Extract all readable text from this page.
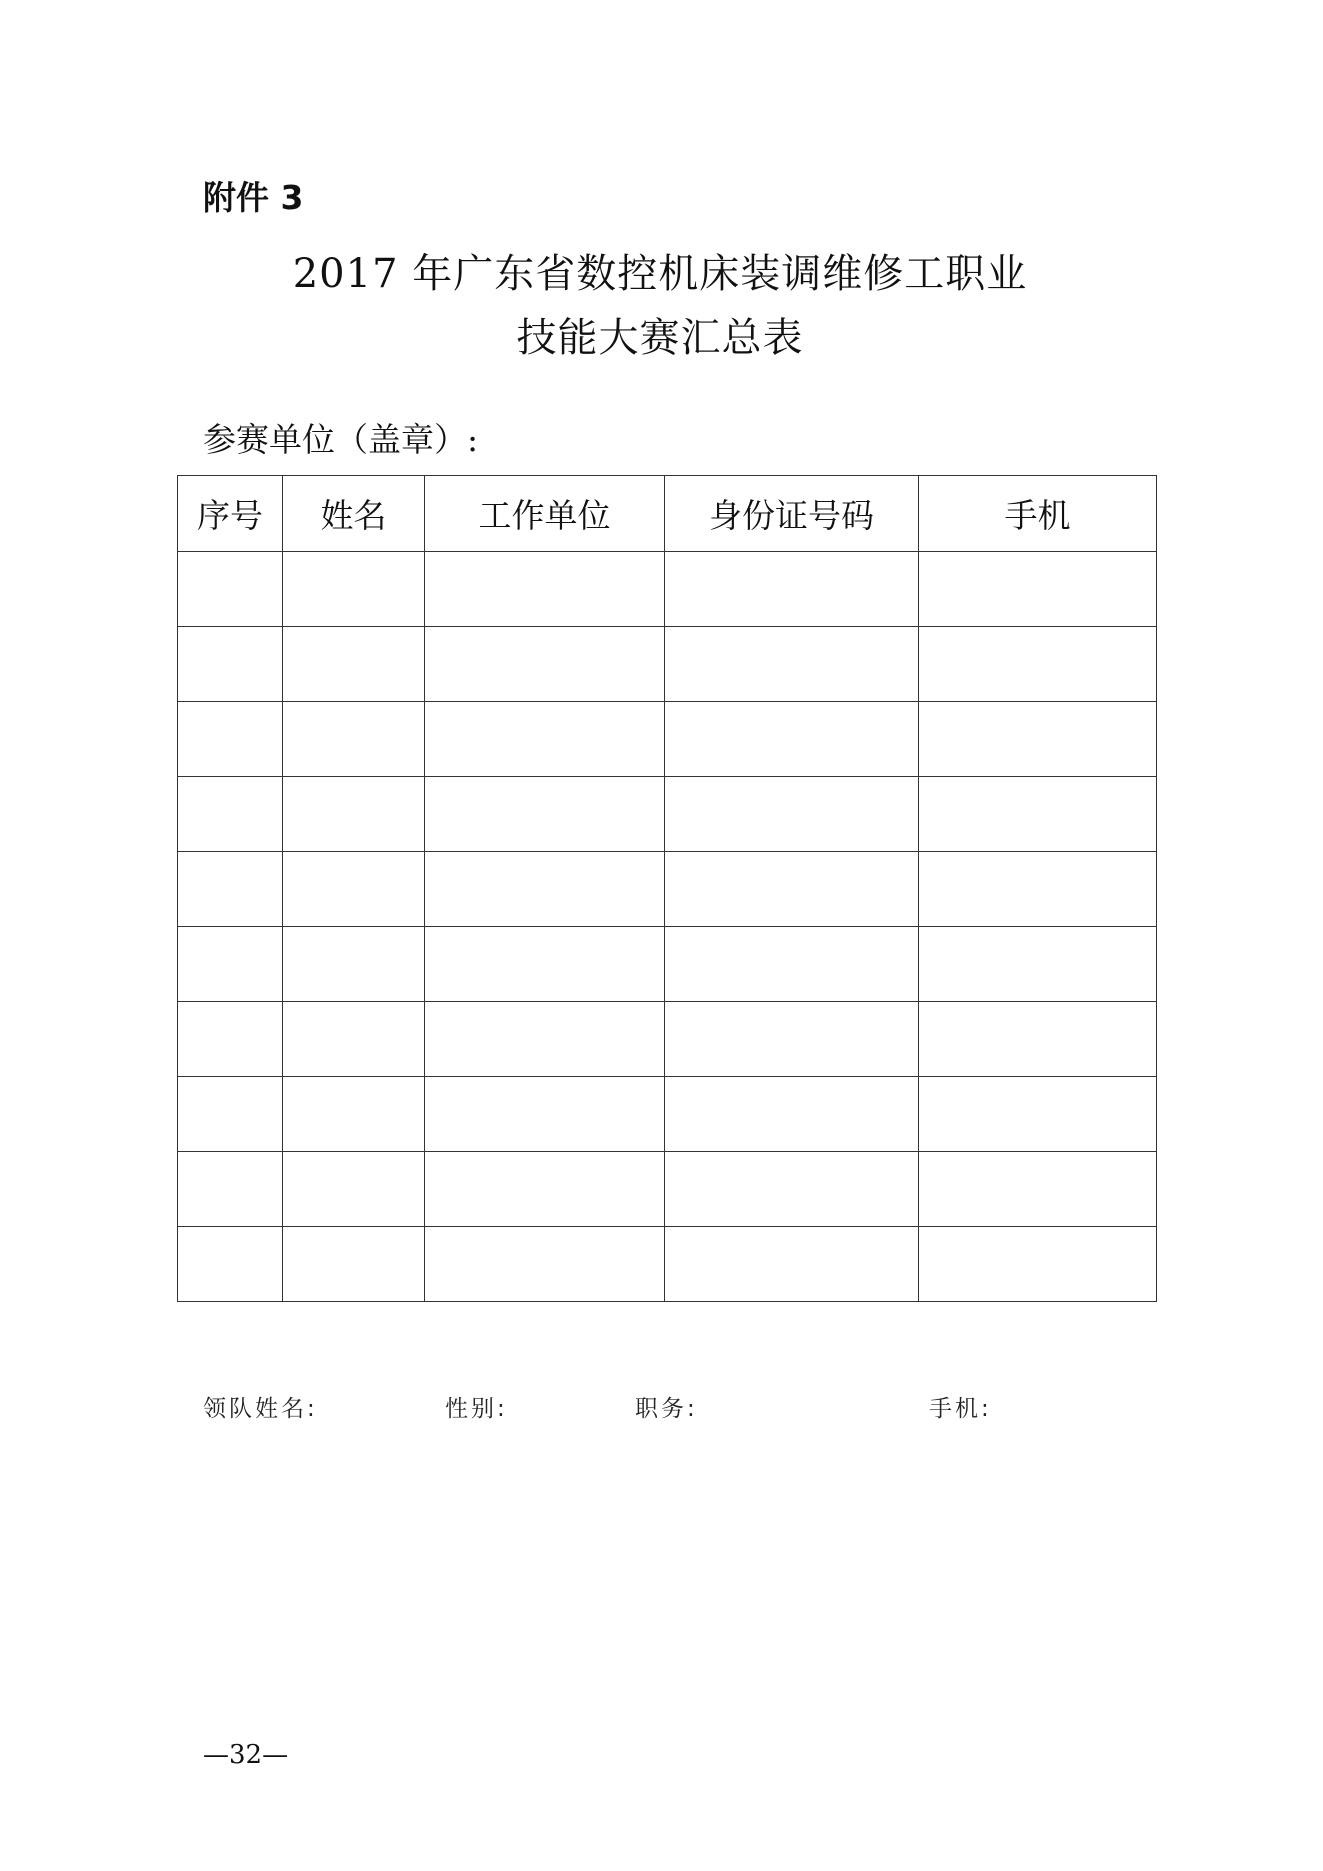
附件 3
2017 年广东省数控机床装调维修工职业
技能大赛汇总表
参赛单位（盖章）:
序号	姓名	工作单位	身份证号码	手机

领队姓名:	性别:	职务:	手机:
—32—
